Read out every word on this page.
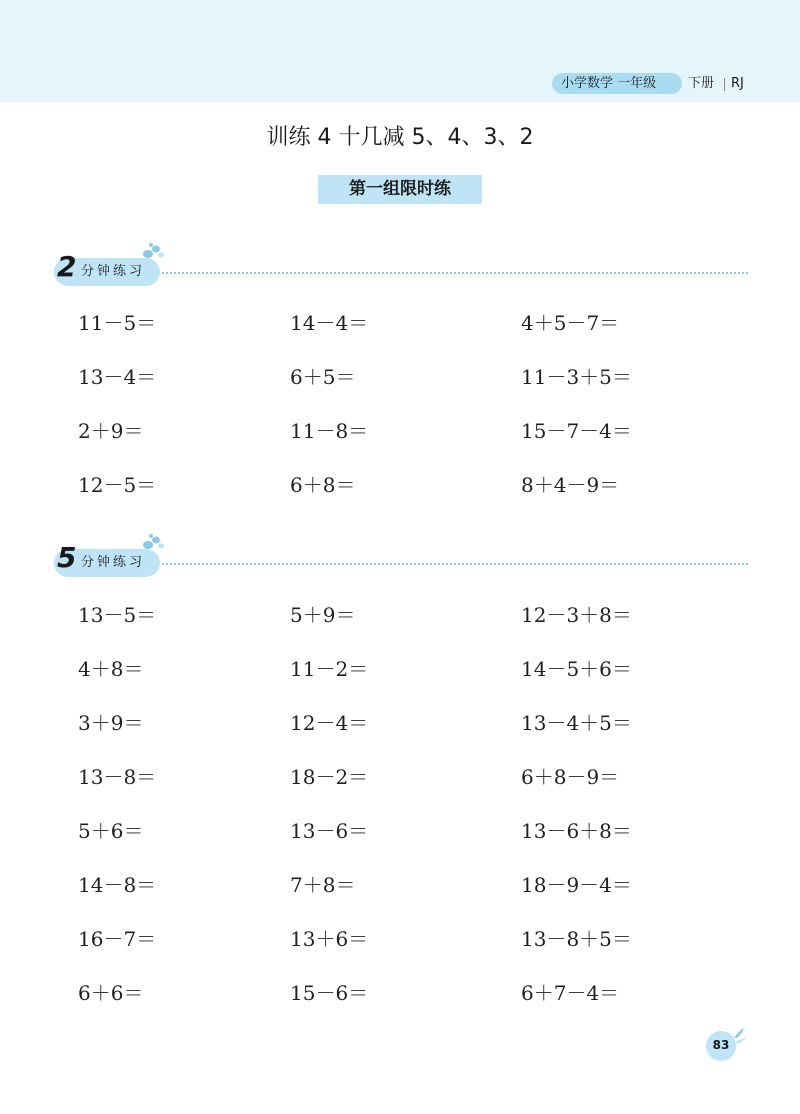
小学数学 一年级 下册 RJ
训练 4 十几减 5、4、3、2
第一组限时练
2 分钟练习
11－5＝	14－4＝	4＋5－7＝
13－4＝	6＋5＝	11－3＋5＝
2＋9＝	11－8＝	15－7－4＝
12－5＝	6＋8＝	8＋4－9＝
5 分钟练习
13－5＝	5＋9＝	12－3＋8＝
4＋8＝	11－2＝	14－5＋6＝
3＋9＝	12－4＝	13－4＋5＝
13－8＝	18－2＝	6＋8－9＝
5＋6＝	13－6＝	13－6＋8＝
14－8＝	7＋8＝	18－9－4＝
16－7＝	13＋6＝	13－8＋5＝
6＋6＝	15－6＝	6＋7－4＝
83
